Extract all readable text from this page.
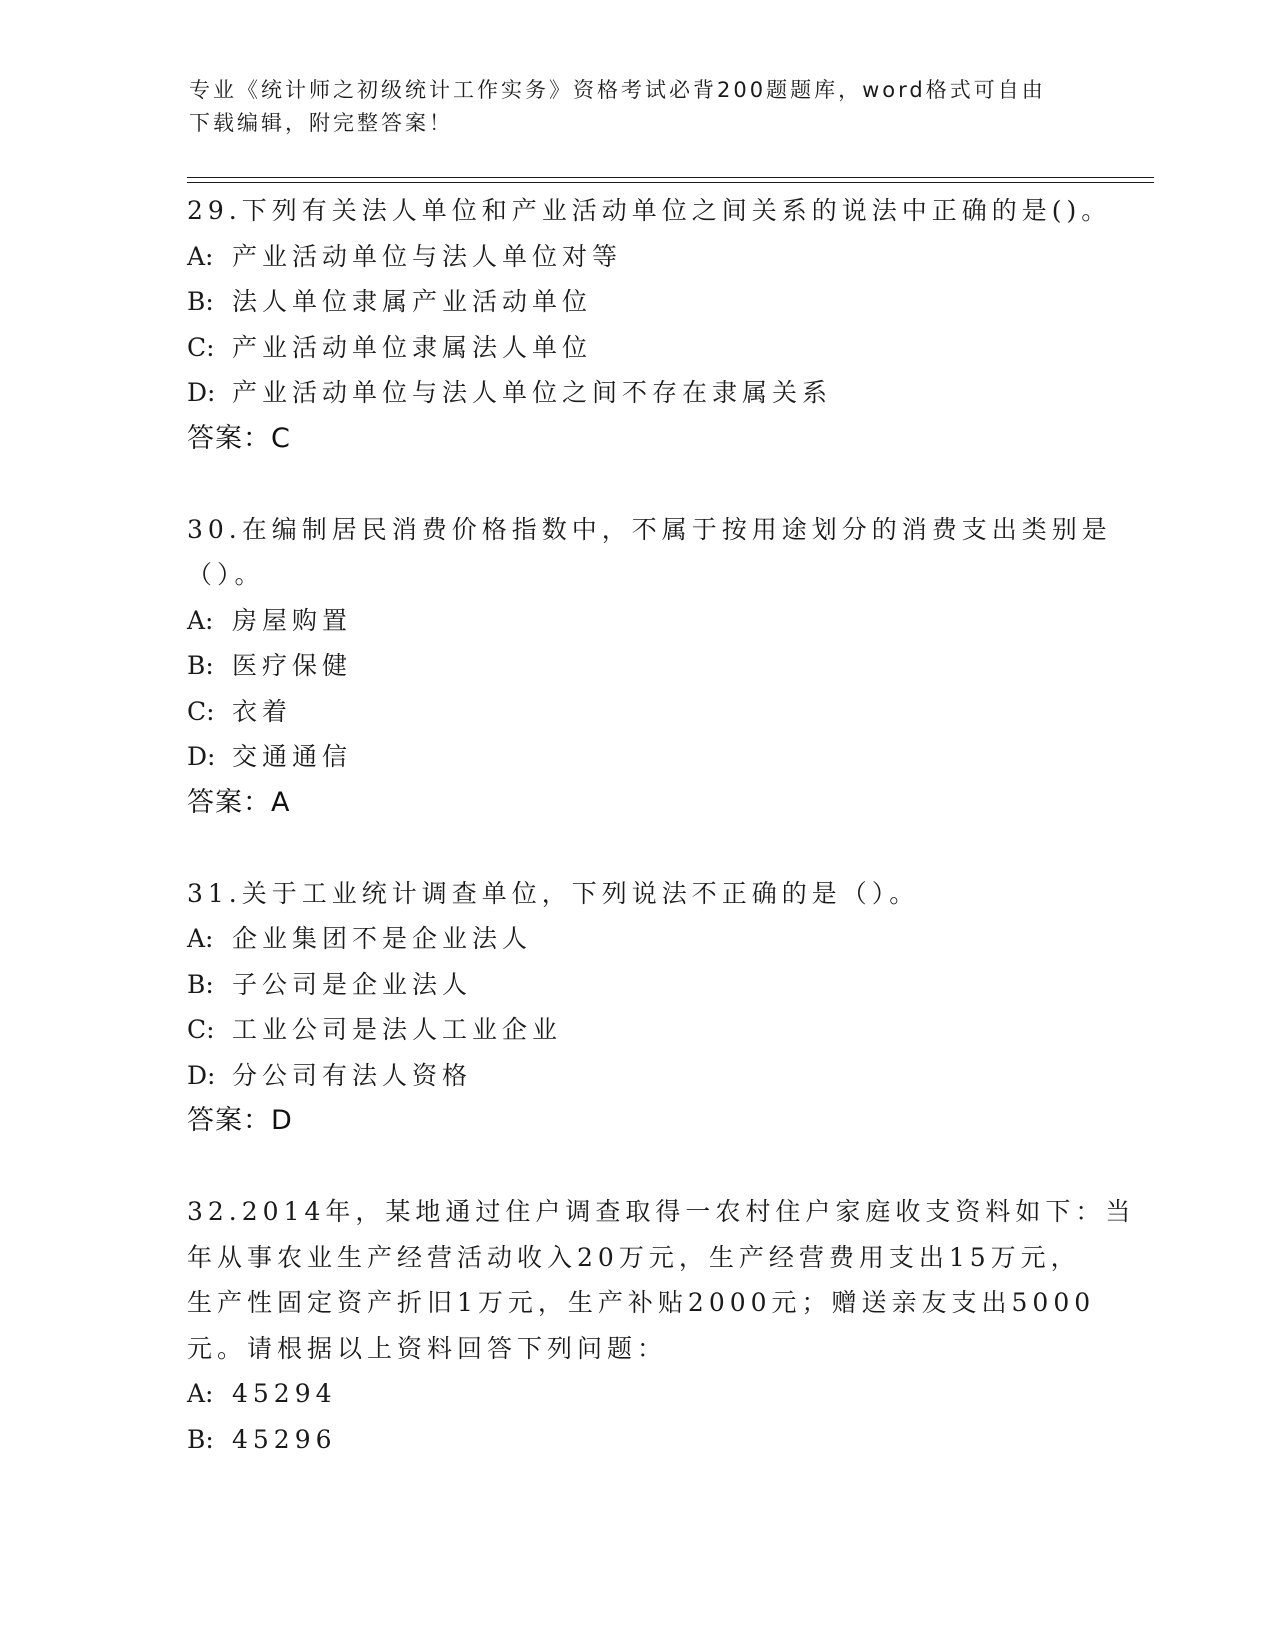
专业《统计师之初级统计工作实务》资格考试必背200题题库，word格式可自由
下载编辑，附完整答案！
29.下列有关法人单位和产业活动单位之间关系的说法中正确的是()。
A: 产业活动单位与法人单位对等
B: 法人单位隶属产业活动单位
C: 产业活动单位隶属法人单位
D: 产业活动单位与法人单位之间不存在隶属关系
答案：C
30.在编制居民消费价格指数中，不属于按用途划分的消费支出类别是
（）。
A: 房屋购置
B: 医疗保健
C: 衣着
D: 交通通信
答案：A
31.关于工业统计调查单位，下列说法不正确的是（）。
A: 企业集团不是企业法人
B: 子公司是企业法人
C: 工业公司是法人工业企业
D: 分公司有法人资格
答案：D
32.2014年，某地通过住户调查取得一农村住户家庭收支资料如下：当
年从事农业生产经营活动收入20万元，生产经营费用支出15万元，
生产性固定资产折旧1万元，生产补贴2000元；赠送亲友支出5000
元。请根据以上资料回答下列问题：
A: 45294
B: 45296
